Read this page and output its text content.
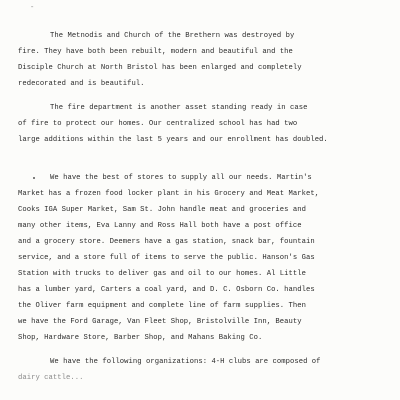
-
The Metnodis and Church of the Brethern was destroyed by
fire. They have both been rebuilt, modern and beautiful and the
Disciple Church at North Bristol has been enlarged and completely
redecorated and is beautiful.
The fire department is another asset standing ready in case
of fire to protect our homes. Our centralized school has had two
large additions within the last 5 years and our enrollment has doubled.
We have the best of stores to supply all our needs. Martin's
Market has a frozen food locker plant in his Grocery and Meat Market,
Cooks IGA Super Market, Sam St. John handle meat and groceries and
many other items, Eva Lanny and Ross Hall both have a post office
and a grocery store. Deemers have a gas station, snack bar, fountain
service, and a store full of items to serve the public. Hanson's Gas
Station with trucks to deliver gas and oil to our homes. Al Little
has a lumber yard, Carters a coal yard, and D. C. Osborn Co. handles
the Oliver farm equipment and complete line of farm supplies. Then
we have the Ford Garage, Van Fleet Shop, Bristolville Inn, Beauty
Shop, Hardware Store, Barber Shop, and Mahans Baking Co.
We have the following organizations: 4-H clubs are composed of
dairy cattle...
